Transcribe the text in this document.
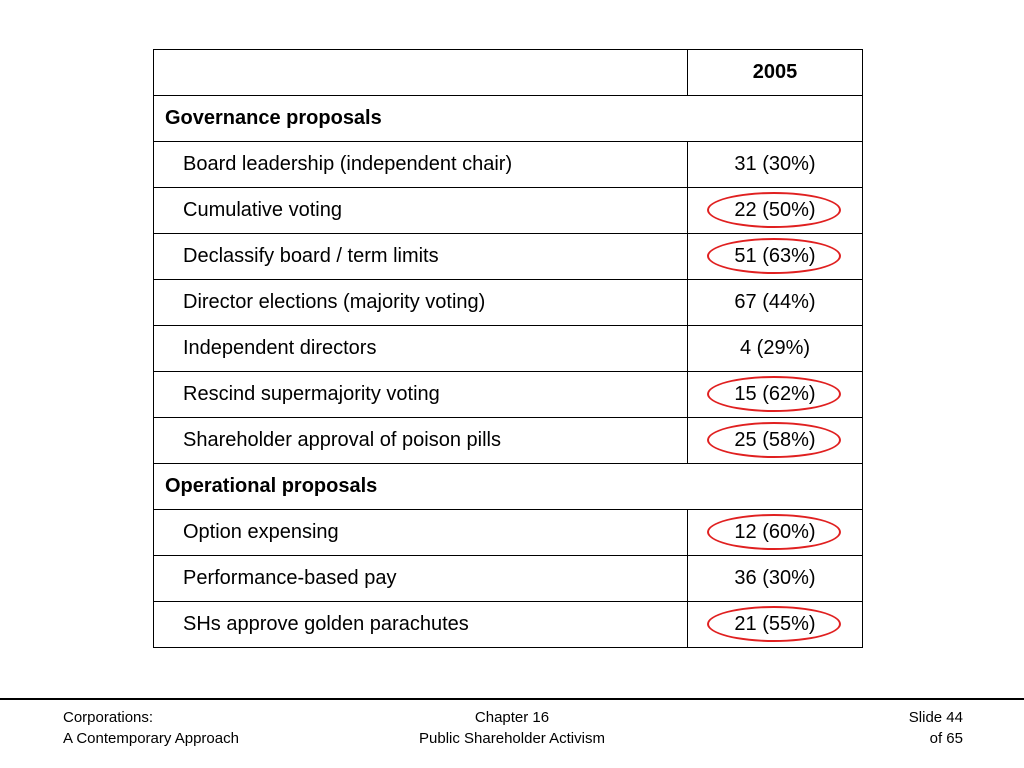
	2005
Governance proposals	
Board leadership (independent chair)	31 (30%)
Cumulative voting	22 (50%)
Declassify board / term limits	51 (63%)
Director elections (majority voting)	67 (44%)
Independent directors	4 (29%)
Rescind supermajority voting	15 (62%)
Shareholder approval of poison pills	25 (58%)
Operational proposals	
Option expensing	12 (60%)
Performance-based pay	36 (30%)
SHs approve golden parachutes	21 (55%)
Corporations:
A Contemporary Approach
Chapter 16
Public Shareholder Activism
Slide 44
of 65
